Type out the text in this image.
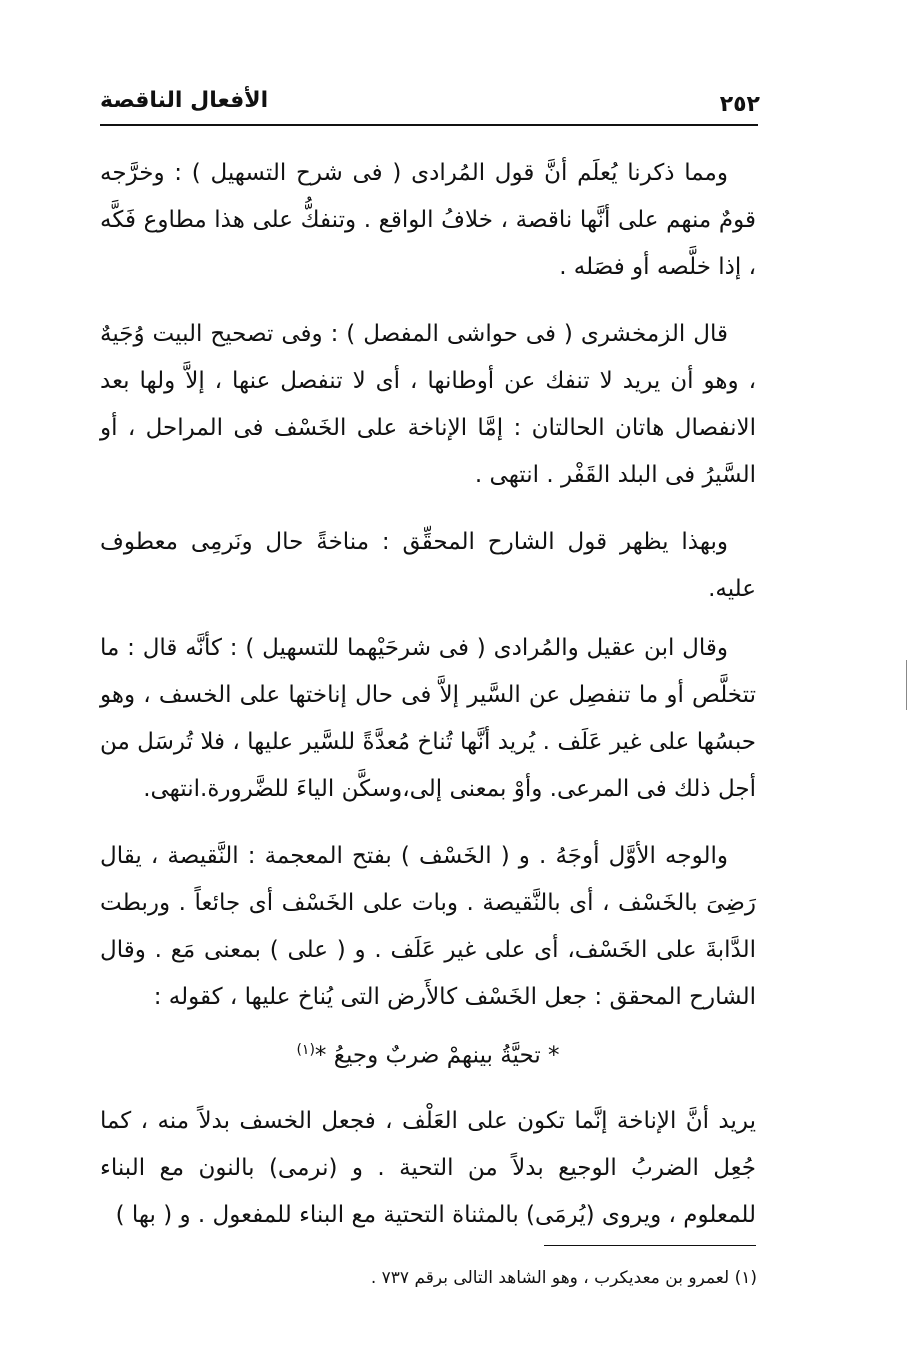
٢٥٢
الأفعال الناقصة

ومما ذكرنا يُعلَم أنَّ قول المُرادى ( فى شرح التسهيل ) : وخرَّجه قومٌ منهم على أنَّها ناقصة ، خلافُ الواقع . وتنفكُّ على هذا مطاوع فَكَّه ، إذا خلَّصه أو فصَله .

قال الزمخشرى ( فى حواشى المفصل ) : وفى تصحيح البيت وُجَيهٌ ، وهو أن يريد لا تنفك عن أوطانها ، أى لا تنفصل عنها ، إلاَّ ولها بعد الانفصال هاتان الحالتان : إمَّا الإناخة على الخَسْف فى المراحل ، أو السَّيرُ فى البلد القَفْر . انتهى .

وبهذا يظهر قول الشارح المحقِّق : مناخةً حال ونَرمِى معطوف عليه.

وقال ابن عقيل والمُرادى ( فى شرحَيْهما للتسهيل ) : كأنَّه قال : ما تتخلَّص أو ما تنفصِل عن السَّير إلاَّ فى حال إناختها على الخسف ، وهو حبسُها على غير عَلَف . يُريد أنَّها تُناخ مُعدَّةً للسَّير عليها ، فلا تُرسَل من أجل ذلك فى المرعى. وأوْ بمعنى إلى،وسكَّن الياءَ للضَّرورة.انتهى.

والوجه الأوَّل أوجَهُ . و ( الخَسْف ) بفتح المعجمة : النَّقيصة ، يقال رَضِىَ بالخَسْف ، أى بالنَّقيصة . وبات على الخَسْف أى جائعاً . وربطت الدَّابةَ على الخَسْف، أى على غير عَلَف . و ( على ) بمعنى مَع . وقال الشارح المحقق : جعل الخَسْف كالأَرض التى يُناخ عليها ، كقوله :

* تحيَّةُ بينهمْ ضربٌ وجيعُ *$^{(١)}$

يريد أنَّ الإناخة إنَّما تكون على العَلْف ، فجعل الخسف بدلاً منه ، كما جُعِل الضربُ الوجيع بدلاً من التحية . و (نرمى) بالنون مع البناء للمعلوم ، ويروى (يُرمَى) بالمثناة التحتية مع البناء للمفعول . و ( بها )

(١) لعمرو بن معديكرب ، وهو الشاهد التالى برقم ٧٣٧ .
